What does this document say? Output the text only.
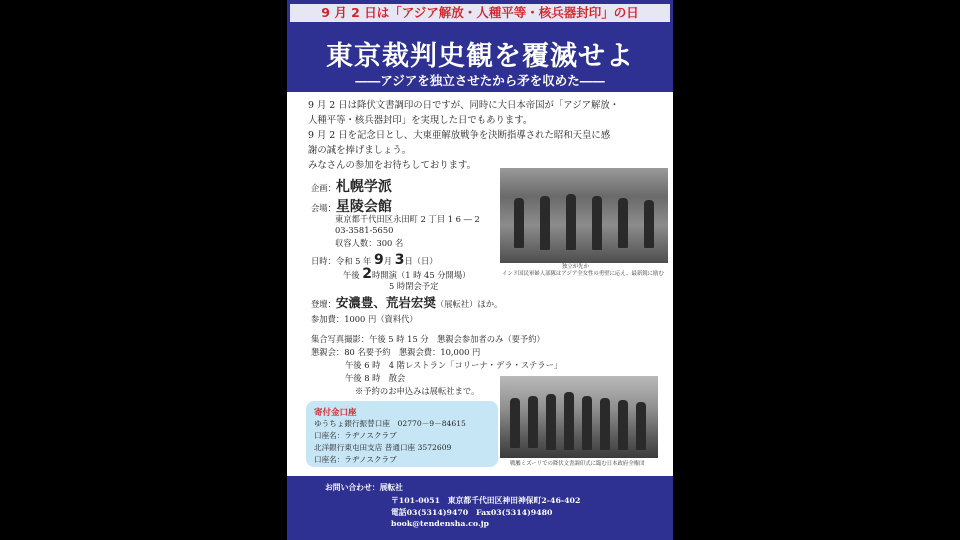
9 月 2 日は「アジア解放・人種平等・核兵器封印」の日
東京裁判史観を覆滅せよ
――アジアを独立させたから矛を収めた――

9 月 2 日は降伏文書調印の日ですが、同時に大日本帝国が「アジア解放・

人種平等・核兵器封印」を実現した日でもあります。

9 月 2 日を記念日とし、大東亜解放戦争を決断指導された昭和天皇に感

謝の誠を捧げましょう。

みなさんの参加をお待ちしております。

企画：札幌学派
会場：星陵会館
東京都千代田区永田町 2 丁目 1 6 ― 2
03-3581-5650
収容人数：300 名
日時：令和 5 年 9月 3日（日）
午後 2時開演（1 時 45 分開場）
5 時閉会予定
登壇：安濃豊、荒岩宏奨（展転社）ほか。
参加費：1000 円（資料代）
集合写真撮影：午後 5 時 15 分　懇親会参加者のみ（要予約）
懇親会：80 名要予約　懇親会費：10,000 円
午後 6 時　4 階レストラン「コリーナ・デラ・ステラー」
午後 8 時　散会
※予約のお申込みは展転社まで。
独立が先か
インド国民軍婦人部隊はアジア全女性の勇壁に応え、最新鋭に励む
戦艦ミズーリでの降伏文書調印式に臨む日本政府全権団
寄付金口座
ゆうちょ銀行振替口座　02770－9－84615
口座名：ラヂノスクラブ
北洋銀行東屯田支店 普通口座 3572609
口座名：ラヂノスクラブ
お問い合わせ：展転社
〒101-0051　東京都千代田区神田神保町2-46-402
電話03(5314)9470　Fax03(5314)9480
book@tendensha.co.jp
